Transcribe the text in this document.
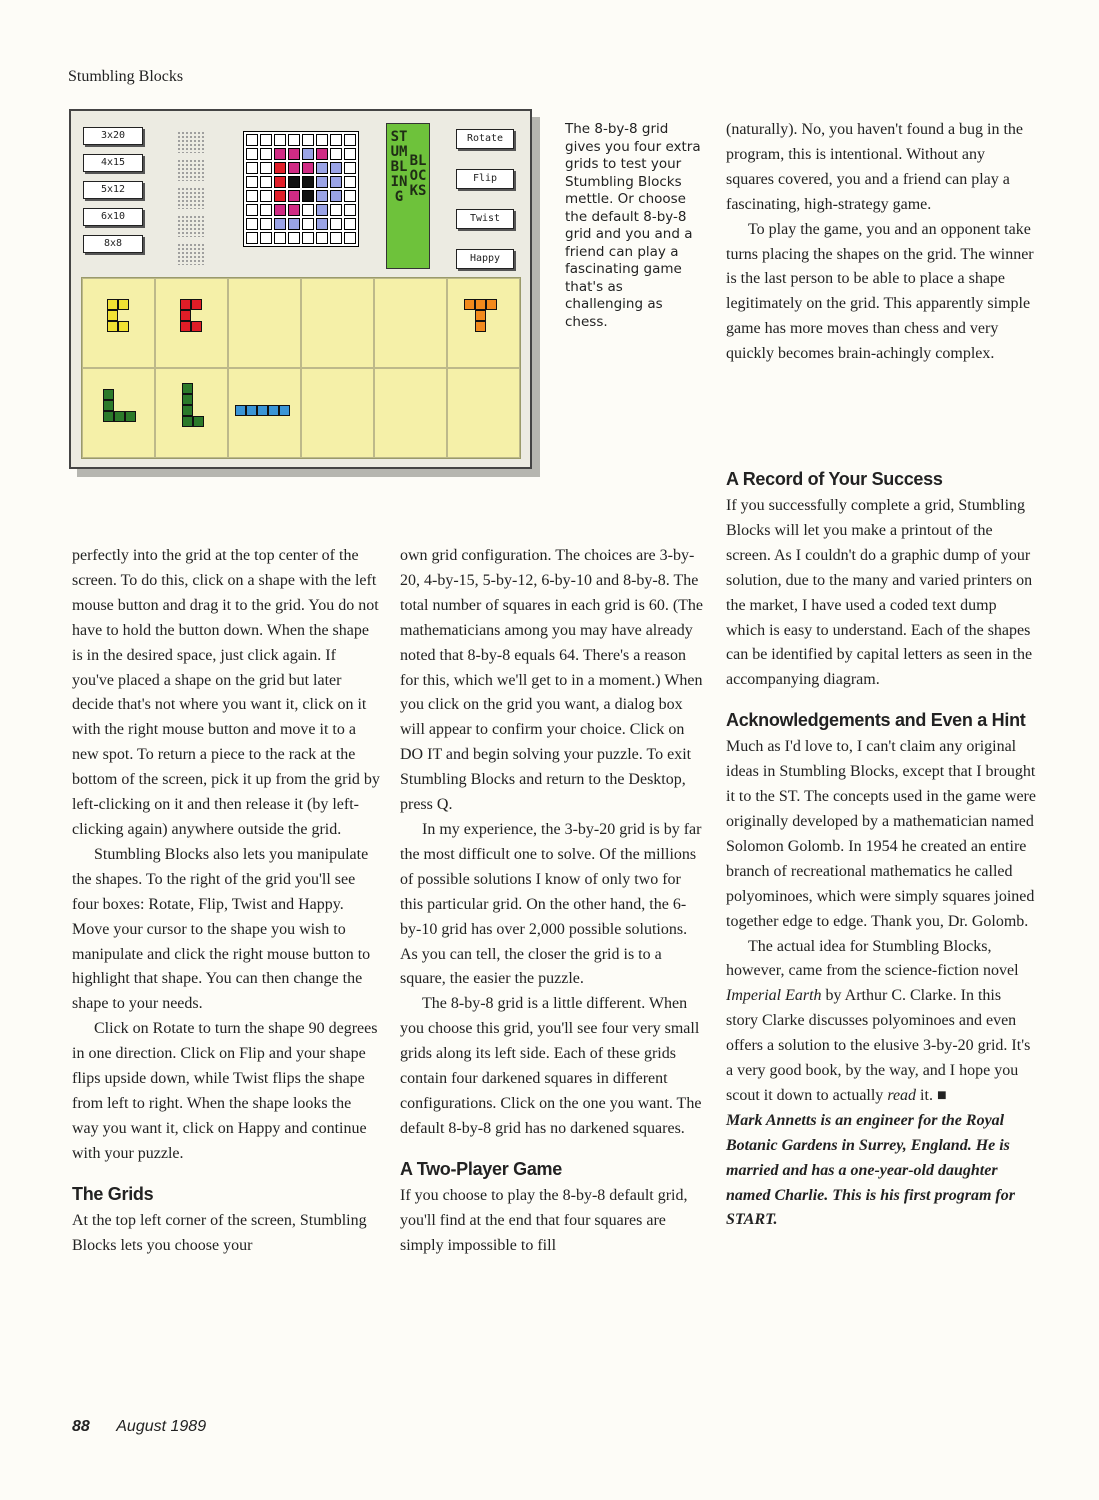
Stumbling Blocks
3x20
4x15
5x12
6x10
8x8
STUMBLING
BLOCKS
Rotate
Flip
Twist
Happy
The 8-by-8 grid gives you four extra grids to test your Stumbling Blocks mettle. Or choose the default 8-by-8 grid and you and a friend can play a fascinating game that's as challenging as chess.

(naturally). No, you haven't found a bug in the program, this is intentional. Without any squares covered, you and a friend can play a fascinating, high-strategy game.

To play the game, you and an opponent take turns placing the shapes on the grid. The winner is the last person to be able to place a shape legitimately on the grid. This apparently simple game has more moves than chess and very quickly becomes brain-achingly complex.

perfectly into the grid at the top center of the screen. To do this, click on a shape with the left mouse button and drag it to the grid. You do not have to hold the button down. When the shape is in the desired space, just click again. If you've placed a shape on the grid but later decide that's not where you want it, click on it with the right mouse button and move it to a new spot. To return a piece to the rack at the bottom of the screen, pick it up from the grid by left-clicking on it and then release it (by left-clicking again) anywhere outside the grid.

Stumbling Blocks also lets you manipulate the shapes. To the right of the grid you'll see four boxes: Rotate, Flip, Twist and Happy. Move your cursor to the shape you wish to manipulate and click the right mouse button to highlight that shape. You can then change the shape to your needs.

Click on Rotate to turn the shape 90 degrees in one direction. Click on Flip and your shape flips upside down, while Twist flips the shape from left to right. When the shape looks the way you want it, click on Happy and continue with your puzzle.

The Grids

At the top left corner of the screen, Stumbling Blocks lets you choose your

own grid configuration. The choices are 3-by-20, 4-by-15, 5-by-12, 6-by-10 and 8-by-8. The total number of squares in each grid is 60. (The mathematicians among you may have already noted that 8-by-8 equals 64. There's a reason for this, which we'll get to in a moment.) When you click on the grid you want, a dialog box will appear to confirm your choice. Click on DO IT and begin solving your puzzle. To exit Stumbling Blocks and return to the Desktop, press Q.

In my experience, the 3-by-20 grid is by far the most difficult one to solve. Of the millions of possible solutions I know of only two for this particular grid. On the other hand, the 6-by-10 grid has over 2,000 possible solutions. As you can tell, the closer the grid is to a square, the easier the puzzle.

The 8-by-8 grid is a little different. When you choose this grid, you'll see four very small grids along its left side. Each of these grids contain four darkened squares in different configurations. Click on the one you want. The default 8-by-8 grid has no darkened squares.

A Two-Player Game

If you choose to play the 8-by-8 default grid, you'll find at the end that four squares are simply impossible to fill

A Record of Your Success

If you successfully complete a grid, Stumbling Blocks will let you make a printout of the screen. As I couldn't do a graphic dump of your solution, due to the many and varied printers on the market, I have used a coded text dump which is easy to understand. Each of the shapes can be identified by capital letters as seen in the accompanying diagram.

Acknowledgements and Even a Hint

Much as I'd love to, I can't claim any original ideas in Stumbling Blocks, except that I brought it to the ST. The concepts used in the game were originally developed by a mathematician named Solomon Golomb. In 1954 he created an entire branch of recreational mathematics he called polyominoes, which were simply squares joined together edge to edge. Thank you, Dr. Golomb.

The actual idea for Stumbling Blocks, however, came from the science-fiction novel Imperial Earth by Arthur C. Clarke. In this story Clarke discusses polyominoes and even offers a solution to the elusive 3-by-20 grid. It's a very good book, by the way, and I hope you scout it down to actually read it. ■

Mark Annetts is an engineer for the Royal Botanic Gardens in Surrey, England. He is married and has a one-year-old daughter named Charlie. This is his first program for START.

88 August 1989
